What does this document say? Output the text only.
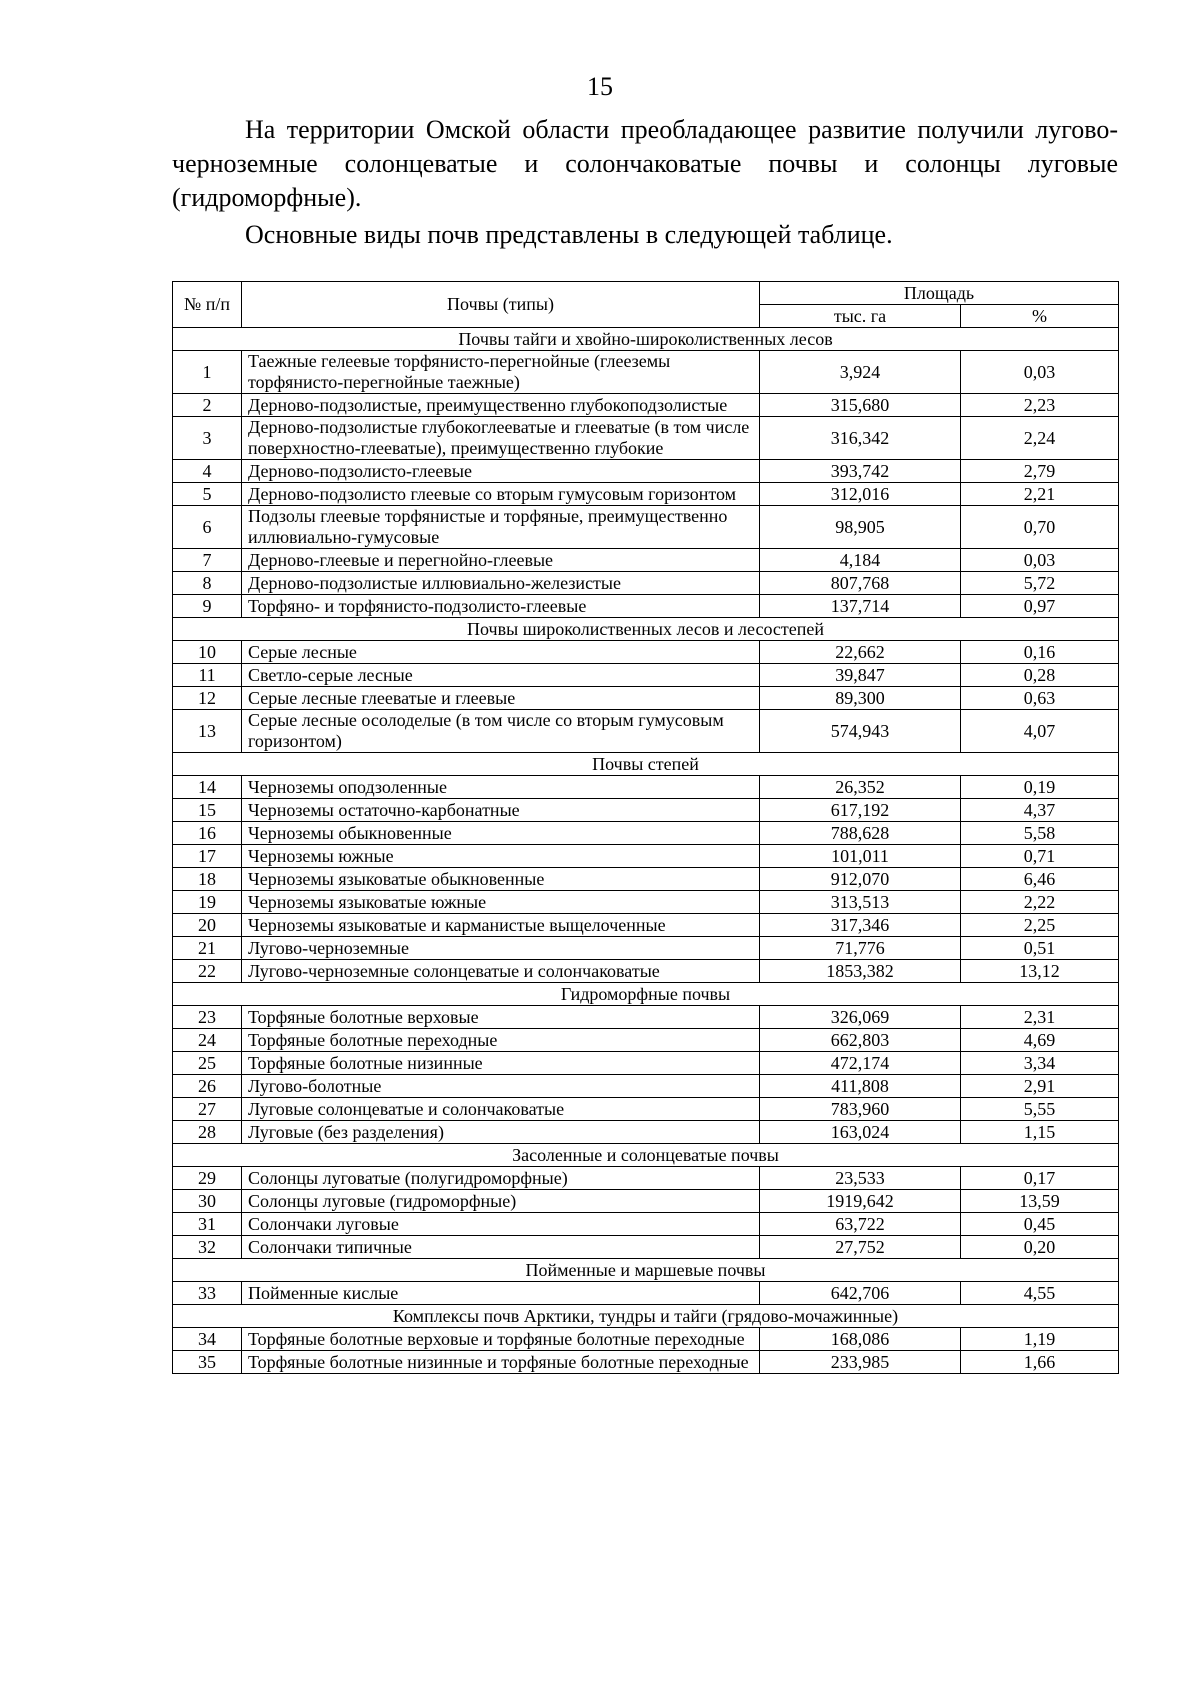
15

На территории Омской области преобладающее развитие получили лугово-черноземные солонцеватые и солончаковатые почвы и солонцы луговые (гидроморфные).

Основные виды почв представлены в следующей таблице.

№ п/п	Почвы (типы)	Площадь	
		тыс. га	%
Почвы тайги и хвойно-широколиственных лесов			
1	Таежные гелеевые торфянисто-перегнойные (глееземы торфянисто-перегнойные таежные)	3,924	0,03
2	Дерново-подзолистые, преимущественно глубокоподзолистые	315,680	2,23
3	Дерново-подзолистые глубокоглееватые и глееватые (в том числе поверхностно-глееватые), преимущественно глубокие	316,342	2,24
4	Дерново-подзолисто-глеевые	393,742	2,79
5	Дерново-подзолисто глеевые со вторым гумусовым горизонтом	312,016	2,21
6	Подзолы глеевые торфянистые и торфяные, преимущественно иллювиально-гумусовые	98,905	0,70
7	Дерново-глеевые и перегнойно-глеевые	4,184	0,03
8	Дерново-подзолистые иллювиально-железистые	807,768	5,72
9	Торфяно- и торфянисто-подзолисто-глеевые	137,714	0,97
Почвы широколиственных лесов и лесостепей			
10	Серые лесные	22,662	0,16
11	Светло-серые лесные	39,847	0,28
12	Серые лесные глееватые и глеевые	89,300	0,63
13	Серые лесные осолоделые (в том числе со вторым гумусовым горизонтом)	574,943	4,07
Почвы степей			
14	Черноземы оподзоленные	26,352	0,19
15	Черноземы остаточно-карбонатные	617,192	4,37
16	Черноземы обыкновенные	788,628	5,58
17	Черноземы южные	101,011	0,71
18	Черноземы языковатые обыкновенные	912,070	6,46
19	Черноземы языковатые южные	313,513	2,22
20	Черноземы языковатые и карманистые выщелоченные	317,346	2,25
21	Лугово-черноземные	71,776	0,51
22	Лугово-черноземные солонцеватые и солончаковатые	1853,382	13,12
Гидроморфные почвы			
23	Торфяные болотные верховые	326,069	2,31
24	Торфяные болотные переходные	662,803	4,69
25	Торфяные болотные низинные	472,174	3,34
26	Лугово-болотные	411,808	2,91
27	Луговые солонцеватые и солончаковатые	783,960	5,55
28	Луговые (без разделения)	163,024	1,15
Засоленные и солонцеватые почвы			
29	Солонцы луговатые (полугидроморфные)	23,533	0,17
30	Солонцы луговые (гидроморфные)	1919,642	13,59
31	Солончаки луговые	63,722	0,45
32	Солончаки типичные	27,752	0,20
Пойменные и маршевые почвы			
33	Пойменные кислые	642,706	4,55
Комплексы почв Арктики, тундры и тайги (грядово-мочажинные)			
34	Торфяные болотные верховые и торфяные болотные переходные	168,086	1,19
35	Торфяные болотные низинные и торфяные болотные переходные	233,985	1,66
